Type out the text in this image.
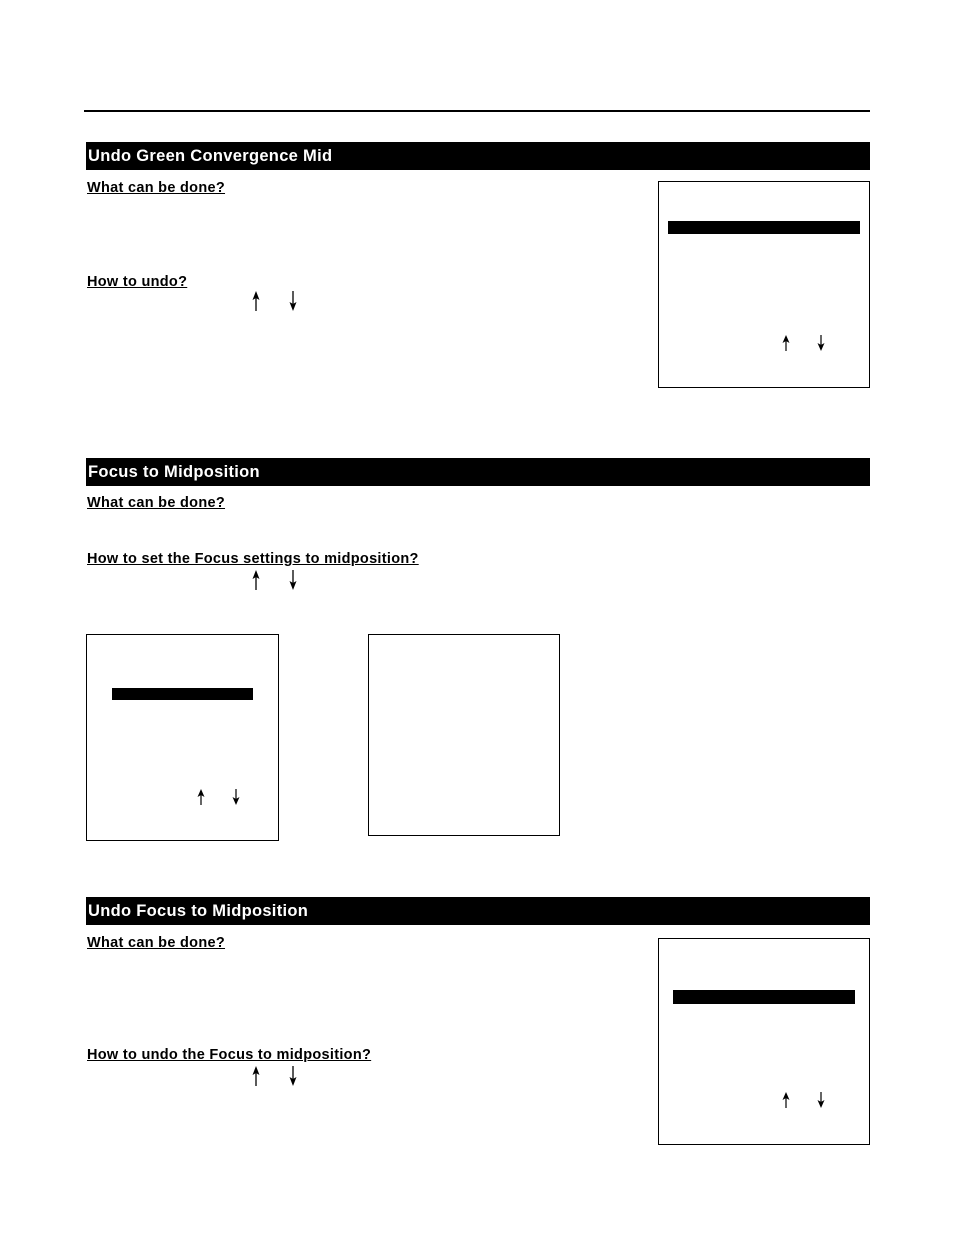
Undo Green Convergence Mid
What can be done?
How to undo?
Focus to Midposition
What can be done?
How to set the Focus settings to midposition?
Undo Focus to Midposition
What can be done?
How to undo the Focus to midposition?
